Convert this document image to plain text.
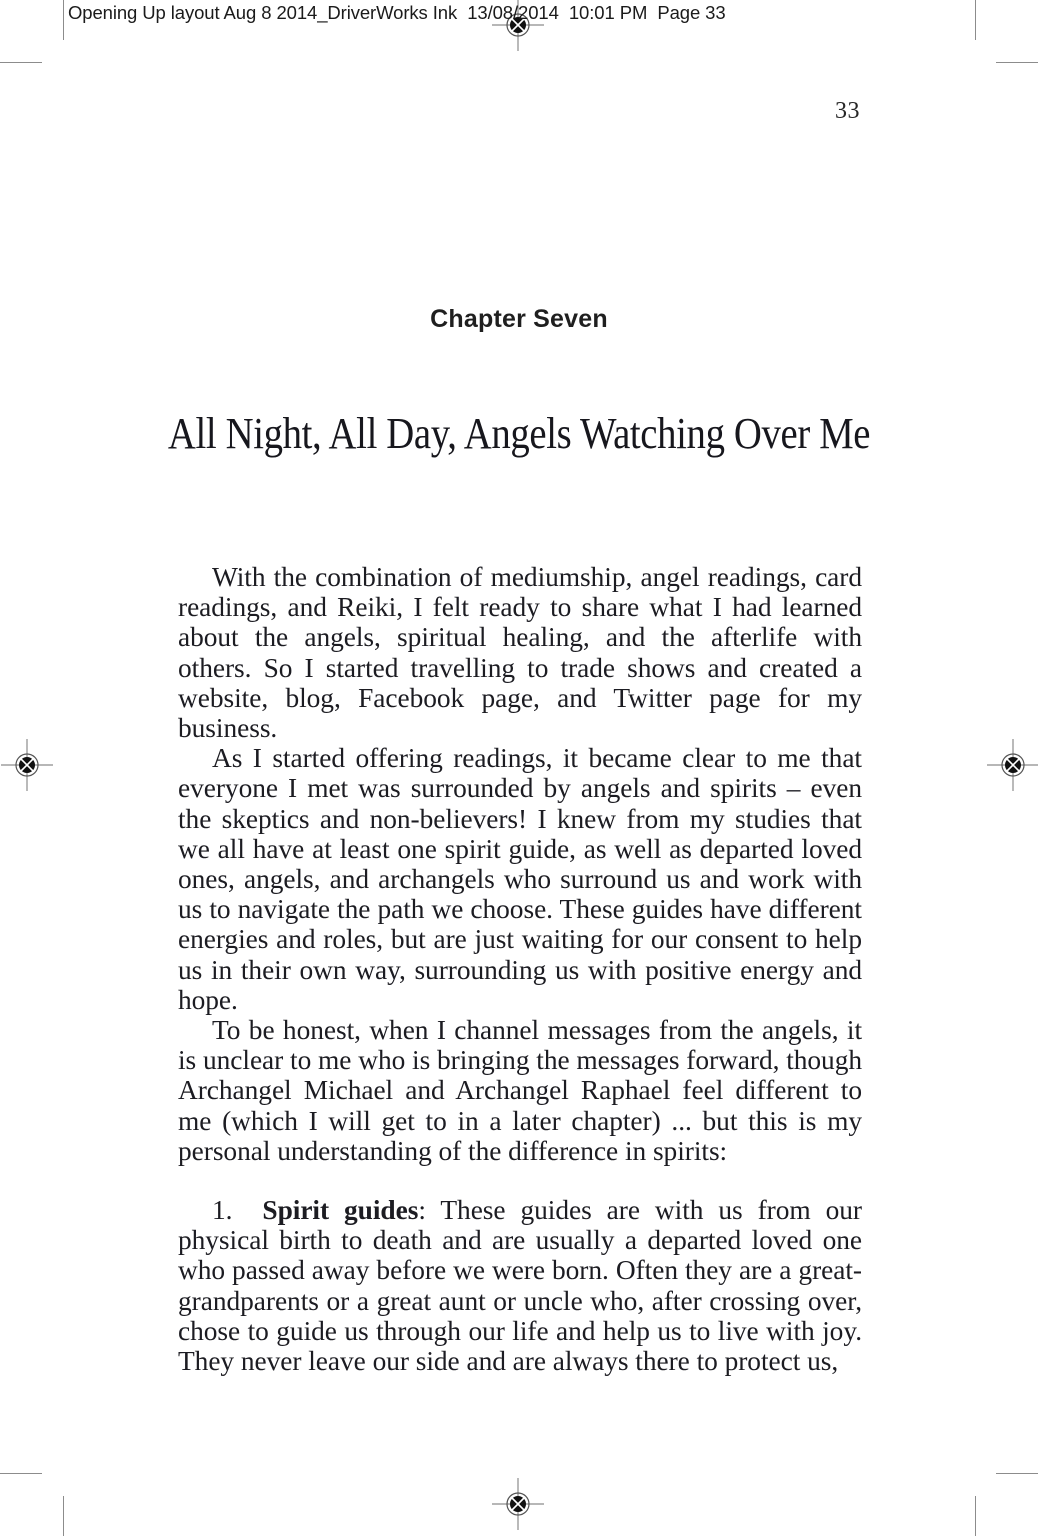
Opening Up layout Aug 8 2014_DriverWorks Ink  13/08/2014  10:01 PM  Page 33
33
Chapter Seven
All Night, All Day, Angels Watching Over Me

With the combination of mediumship, angel readings, card readings, and Reiki, I felt ready to share what I had learned about the angels, spiritual healing, and the afterlife with others. So I started travelling to trade shows and created a website, blog, Facebook page, and Twitter page for my business.

As I started offering readings, it became clear to me that everyone I met was surrounded by angels and spirits – even the skeptics and non-believers! I knew from my studies that we all have at least one spirit guide, as well as departed loved ones, angels, and archangels who surround us and work with us to navigate the path we choose. These guides have different energies and roles, but are just waiting for our consent to help us in their own way, surrounding us with positive energy and hope.

To be honest, when I channel messages from the angels, it is unclear to me who is bringing the messages forward, though Archangel Michael and Archangel Raphael feel different to me (which I will get to in a later chapter) ... but this is my personal understanding of the difference in spirits:

1. Spirit guides: These guides are with us from our physical birth to death and are usually a departed loved one who passed away before we were born. Often they are a great-grandparents or a great aunt or uncle who, after crossing over, chose to guide us through our life and help us to live with joy. They never leave our side and are always there to protect us,
